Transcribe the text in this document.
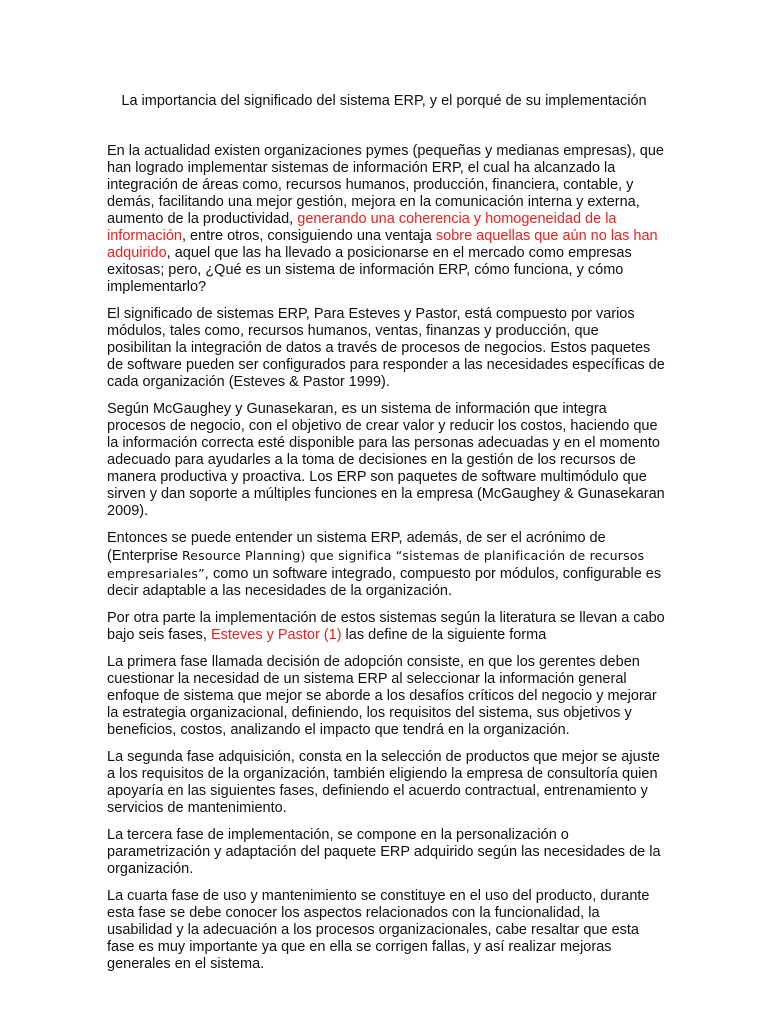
La importancia del significado del sistema ERP, y el porqué de su implementación

En la actualidad existen organizaciones pymes (pequeñas y medianas empresas), que han logrado implementar sistemas de información ERP, el cual ha alcanzado la integración de áreas como, recursos humanos, producción, financiera, contable, y demás, facilitando una mejor gestión, mejora en la comunicación interna y externa, aumento de la productividad, generando una coherencia y homogeneidad de la información, entre otros, consiguiendo una ventaja sobre aquellas que aún no las han adquirido, aquel que las ha llevado a posicionarse en el mercado como empresas exitosas; pero, ¿Qué es un sistema de información ERP, cómo funciona, y cómo implementarlo?

El significado de sistemas ERP, Para Esteves y Pastor, está compuesto por varios módulos, tales como, recursos humanos, ventas, finanzas y producción, que posibilitan la integración de datos a través de procesos de negocios. Estos paquetes de software pueden ser configurados para responder a las necesidades específicas de cada organización (Esteves & Pastor 1999).

Según McGaughey y Gunasekaran, es un sistema de información que integra procesos de negocio, con el objetivo de crear valor y reducir los costos, haciendo que la información correcta esté disponible para las personas adecuadas y en el momento adecuado para ayudarles a la toma de decisiones en la gestión de los recursos de manera productiva y proactiva. Los ERP son paquetes de software multimódulo que sirven y dan soporte a múltiples funciones en la empresa (McGaughey & Gunasekaran 2009).

Entonces se puede entender un sistema ERP, además, de ser el acrónimo de (Enterprise Resource Planning) que significa “sistemas de planificación de recursos empresariales”, como un software integrado, compuesto por módulos, configurable es decir adaptable a las necesidades de la organización.

Por otra parte la implementación de estos sistemas según la literatura se llevan a cabo bajo seis fases, Esteves y Pastor (1) las define de la siguiente forma

La primera fase llamada decisión de adopción consiste, en que los gerentes deben cuestionar la necesidad de un sistema ERP al seleccionar la información general enfoque de sistema que mejor se aborde a los desafíos críticos del negocio y mejorar la estrategia organizacional, definiendo, los requisitos del sistema, sus objetivos y beneficios, costos, analizando el impacto que tendrá en la organización.

La segunda fase adquisición, consta en la selección de productos que mejor se ajuste a los requisitos de la organización, también eligiendo la empresa de consultoría quien apoyaría en las siguientes fases, definiendo el acuerdo contractual, entrenamiento y servicios de mantenimiento.

La tercera fase de implementación, se compone en la personalización o parametrización y adaptación del paquete ERP adquirido según las necesidades de la organización.

La cuarta fase de uso y mantenimiento se constituye en el uso del producto, durante esta fase se debe conocer los aspectos relacionados con la funcionalidad, la usabilidad y la adecuación a los procesos organizacionales, cabe resaltar que esta fase es muy importante ya que en ella se corrigen fallas, y así realizar mejoras generales en el sistema.
